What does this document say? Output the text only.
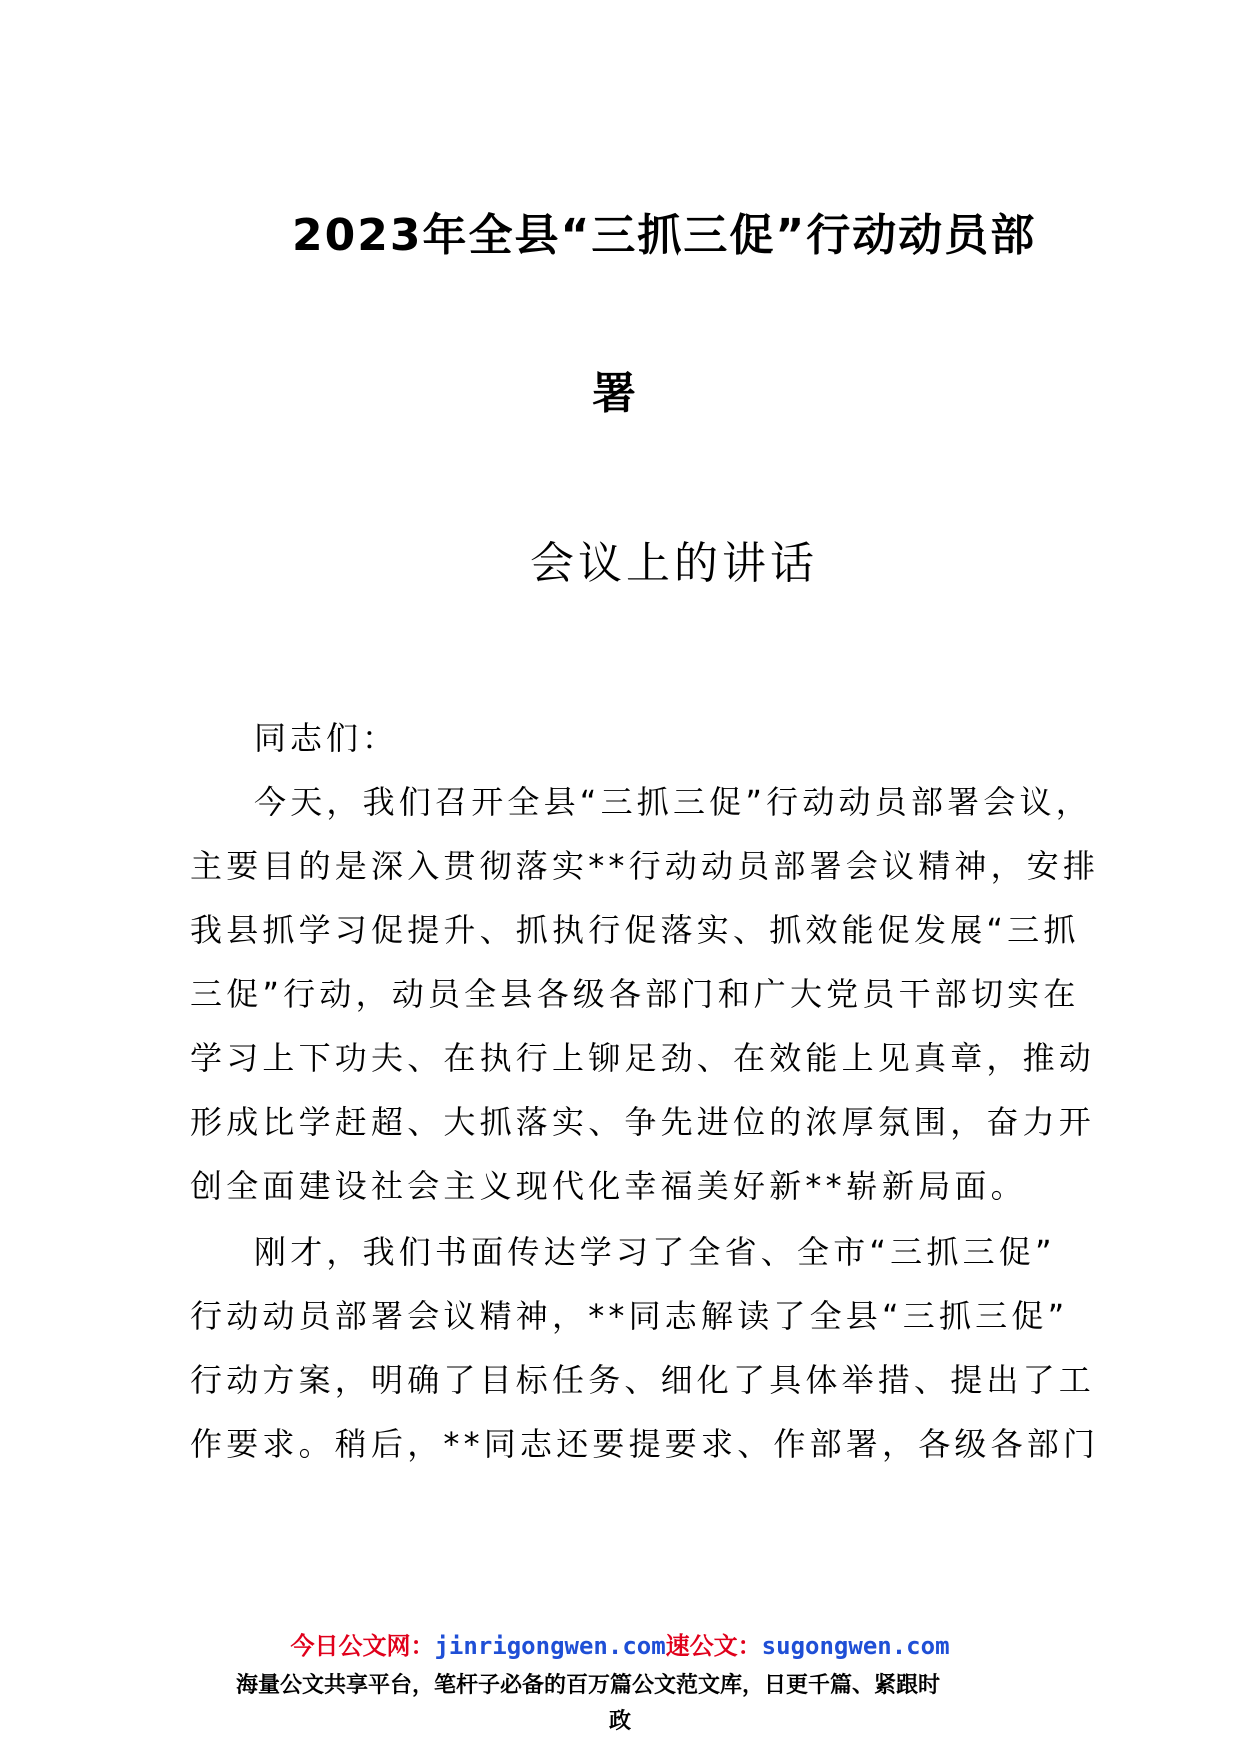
2023年全县“三抓三促”行动动员部
署
会议上的讲话
同志们：
今天，我们召开全县“三抓三促”行动动员部署会议，
主要目的是深入贯彻落实**行动动员部署会议精神，安排
我县抓学习促提升、抓执行促落实、抓效能促发展“三抓
三促”行动，动员全县各级各部门和广大党员干部切实在
学习上下功夫、在执行上铆足劲、在效能上见真章，推动
形成比学赶超、大抓落实、争先进位的浓厚氛围，奋力开
创全面建设社会主义现代化幸福美好新**崭新局面。
刚才，我们书面传达学习了全省、全市“三抓三促”
行动动员部署会议精神，**同志解读了全县“三抓三促”
行动方案，明确了目标任务、细化了具体举措、提出了工
作要求。稍后，**同志还要提要求、作部署，各级各部门
今日公文网：jinrigongwen.com速公文：sugongwen.com
海量公文共享平台，笔杆子必备的百万篇公文范文库，日更千篇、紧跟时
政
